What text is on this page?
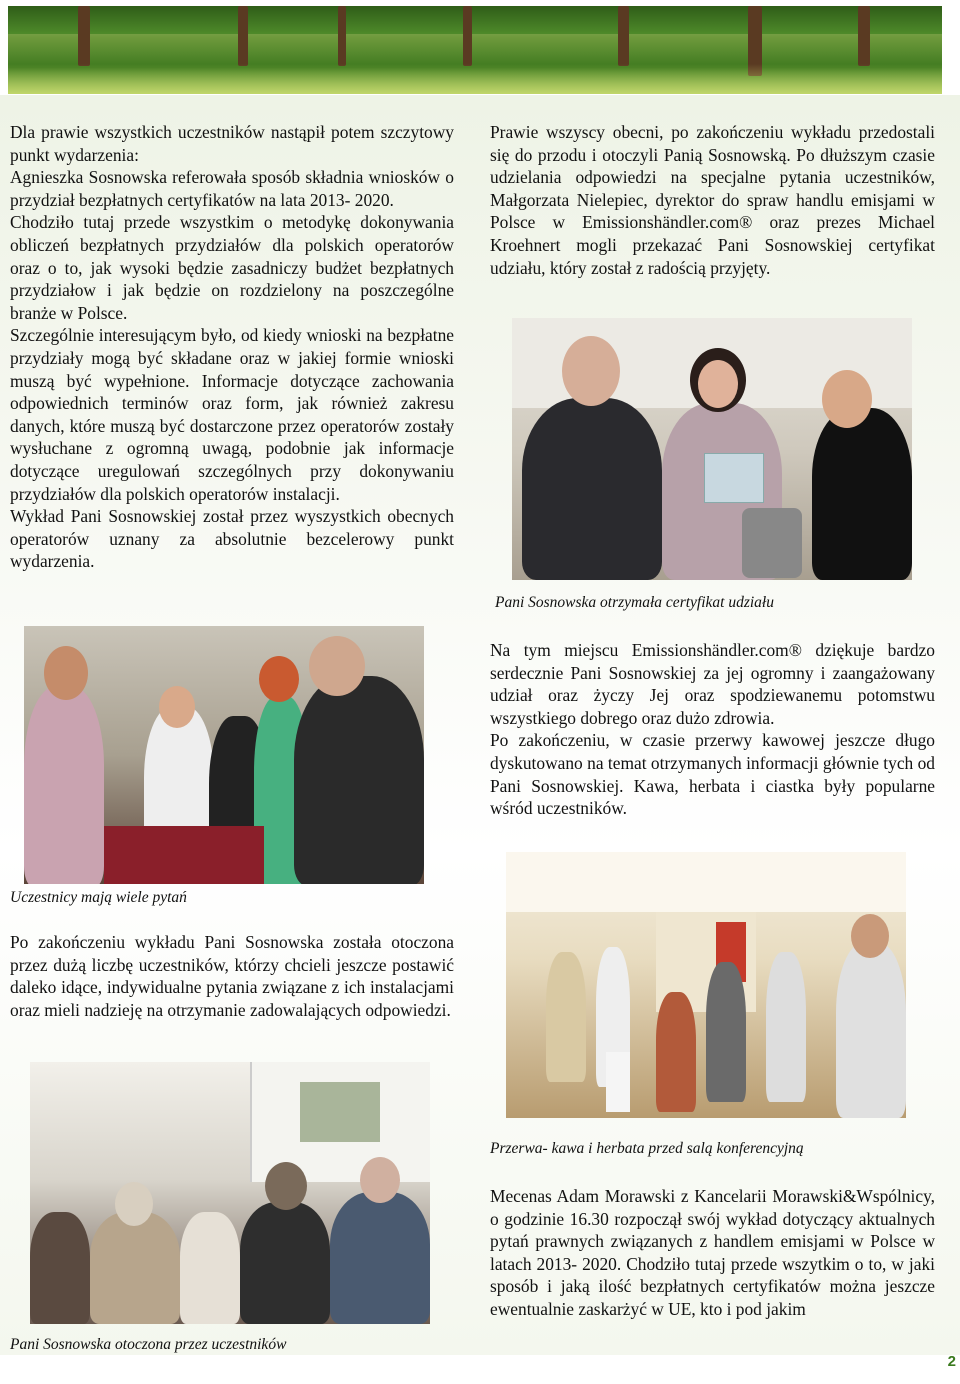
Dla prawie wszystkich uczestników nastąpił potem szczytowy punkt wydarzenia:

Agnieszka Sosnowska referowała sposób składnia wniosków o przydział bezpłatnych certyfikatów na lata 2013- 2020.

Chodziło tutaj przede wszystkim o metodykę dokonywania obliczeń bezpłatnych przydziałów dla polskich operatorów oraz o to, jak wysoki będzie zasadniczy budżet bezpłatnych przydziałow i jak będzie on rozdzielony na poszczególne branże w Polsce.

Szczególnie interesującym było, od kiedy wnioski na bezpłatne przydziały mogą być składane oraz w jakiej formie wnioski muszą być wypełnione. Informacje dotyczące zachowania odpowiednich terminów oraz form, jak również zakresu danych, które muszą być dostarczone przez operatorów zostały wysłuchane z ogromną uwagą, podobnie jak informacje dotyczące uregulowań szczególnych przy dokonywaniu przydziałów dla polskich operatorów instalacji.

Wykład Pani Sosnowskiej został przez wyszystkich obecnych operatorów uznany za absolutnie bezcelerowy punkt wydarzenia.

Uczestnicy mają wiele pytań

Po zakończeniu wykładu Pani Sosnowska została otoczona przez dużą liczbę uczestników, którzy chcieli jeszcze postawić daleko idące, indywidualne pytania związane z ich instalacjami oraz mieli nadzieję na otrzymanie zadowalających odpowiedzi.

Pani Sosnowska otoczona przez uczestników

Prawie wszyscy obecni, po zakończeniu wykładu przedostali się do przodu i otoczyli Panią Sosnowską. Po dłuższym czasie udzielania odpowiedzi na specjalne pytania uczestników, Małgorzata Nielepiec, dyrektor do spraw handlu emisjami w Polsce w Emissionshändler.com® oraz prezes Michael Kroehnert mogli przekazać Pani Sosnowskiej certyfikat udziału, który został z radością przyjęty.

Pani Sosnowska otrzymała certyfikat udziału

Na tym miejscu Emissionshändler.com® dziękuje bardzo serdecznie Pani Sosnowskiej za jej ogromny i zaangażowany udział oraz życzy Jej oraz spodziewanemu potomstwu wszystkiego dobrego oraz dużo zdrowia.

Po zakończeniu, w czasie przerwy kawowej jeszcze długo dyskutowano na temat otrzymanych informacji głównie tych od Pani Sosnowskiej. Kawa, herbata i ciastka były popularne wśród uczestników.

Przerwa- kawa i herbata przed salą konferencyjną

Mecenas Adam Morawski z Kancelarii Morawski&Wspólnicy, o godzinie 16.30 rozpoczął swój wykład dotyczący aktualnych pytań prawnych związanych z handlem emisjami w Polsce w latach 2013- 2020. Chodziło tutaj przede wszytkim o to, w jaki sposób i jaką ilość bezpłatnych certyfikatów można jeszcze ewentualnie zaskarżyć w UE, kto i pod jakim

2
